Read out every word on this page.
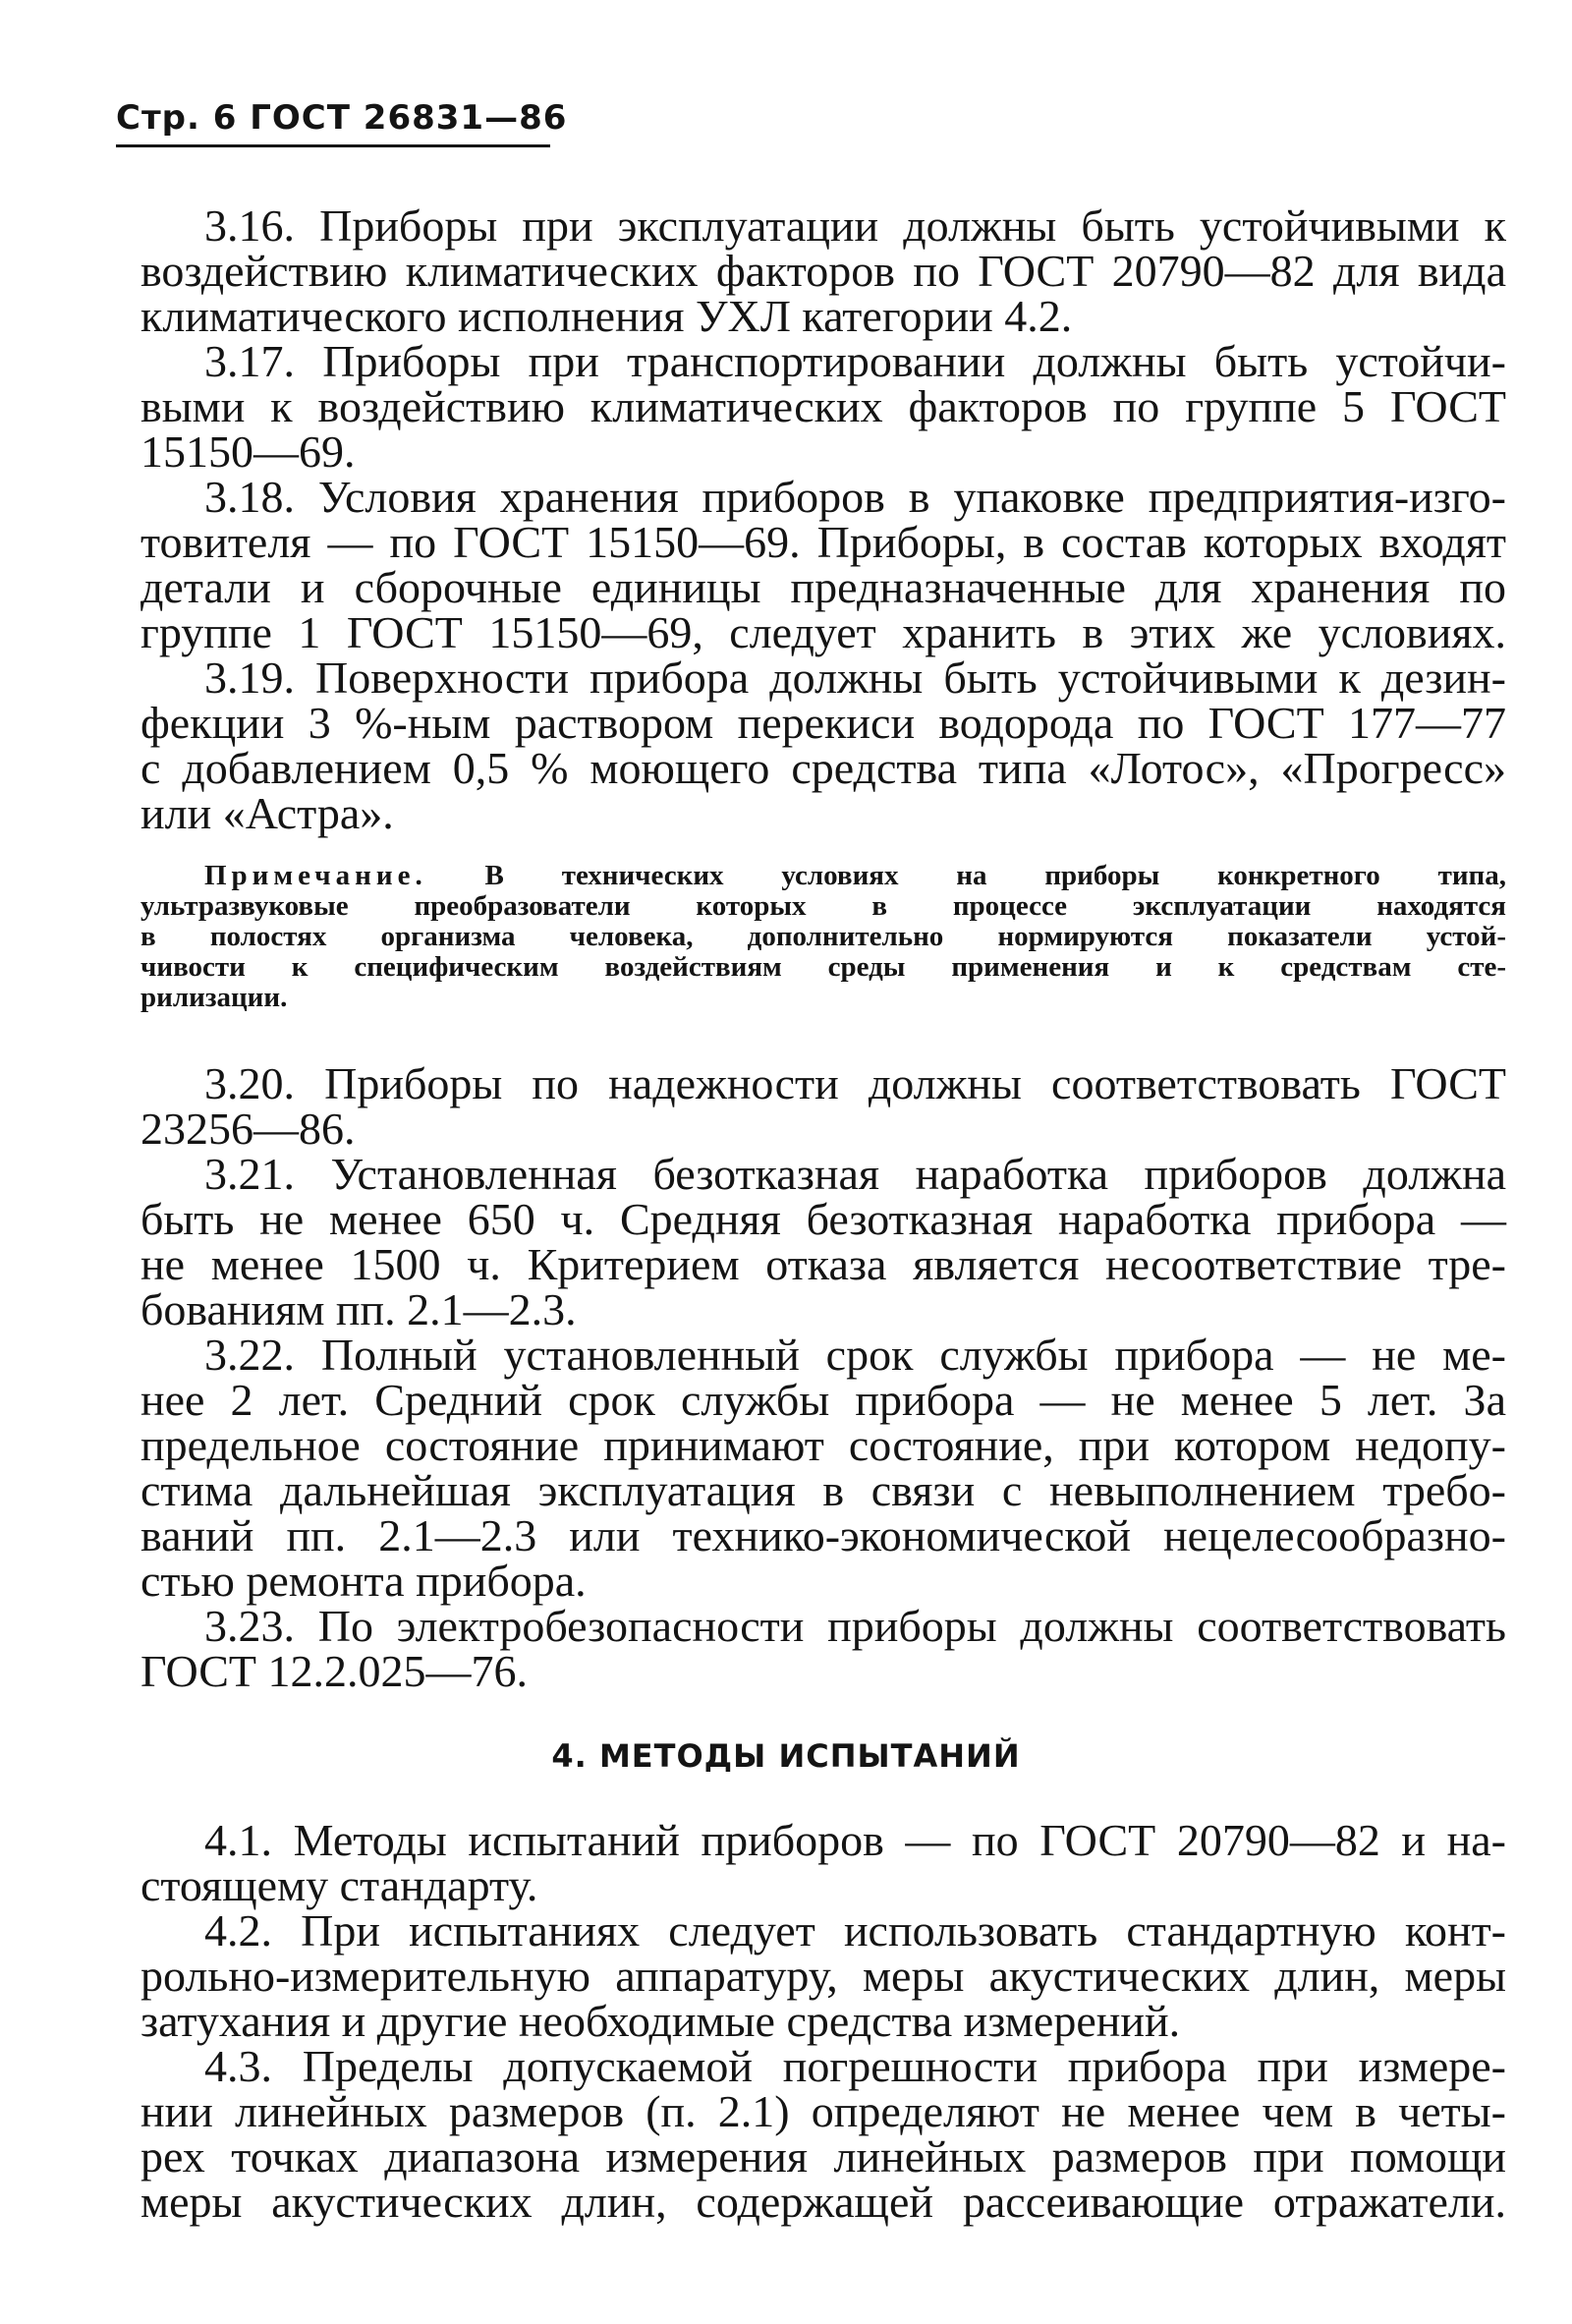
Стр. 6 ГОСТ 26831—86
3.16. Приборы при эксплуатации должны быть устойчивыми к
воздействию климатических факторов по ГОСТ 20790—82 для вида
климатического исполнения УХЛ категории 4.2.
3.17. Приборы при транспортировании должны быть устойчи-
выми к воздействию климатических факторов по группе 5 ГОСТ
15150—69.
3.18. Условия хранения приборов в упаковке предприятия-изго-
товителя — по ГОСТ 15150—69. Приборы, в состав которых входят
детали и сборочные единицы предназначенные для хранения по
группе 1 ГОСТ 15150—69, следует хранить в этих же условиях.
3.19. Поверхности прибора должны быть устойчивыми к дезин-
фекции 3 %-ным раствором перекиси водорода по ГОСТ 177—77
с добавлением 0,5 % моющего средства типа «Лотос», «Прогресс»
или «Астра».
Примечание. В технических условиях на приборы конкретного типа,
ультразвуковые преобразователи которых в процессе эксплуатации находятся
в полостях организма человека, дополнительно нормируются показатели устой-
чивости к специфическим воздействиям среды применения и к средствам сте-
рилизации.
3.20. Приборы по надежности должны соответствовать ГОСТ
23256—86.
3.21. Установленная безотказная наработка приборов должна
быть не менее 650 ч. Средняя безотказная наработка прибора —
не менее 1500 ч. Критерием отказа является несоответствие тре-
бованиям пп. 2.1—2.3.
3.22. Полный установленный срок службы прибора — не ме-
нее 2 лет. Средний срок службы прибора — не менее 5 лет. За
предельное состояние принимают состояние, при котором недопу-
стима дальнейшая эксплуатация в связи с невыполнением требо-
ваний пп. 2.1—2.3 или технико-экономической нецелесообразно-
стью ремонта прибора.
3.23. По электробезопасности приборы должны соответствовать
ГОСТ 12.2.025—76.
4. МЕТОДЫ ИСПЫТАНИЙ
4.1. Методы испытаний приборов — по ГОСТ 20790—82 и на-
стоящему стандарту.
4.2. При испытаниях следует использовать стандартную конт-
рольно-измерительную аппаратуру, меры акустических длин, меры
затухания и другие необходимые средства измерений.
4.3. Пределы допускаемой погрешности прибора при измере-
нии линейных размеров (п. 2.1) определяют не менее чем в четы-
рех точках диапазона измерения линейных размеров при помощи
меры акустических длин, содержащей рассеивающие отражатели.
